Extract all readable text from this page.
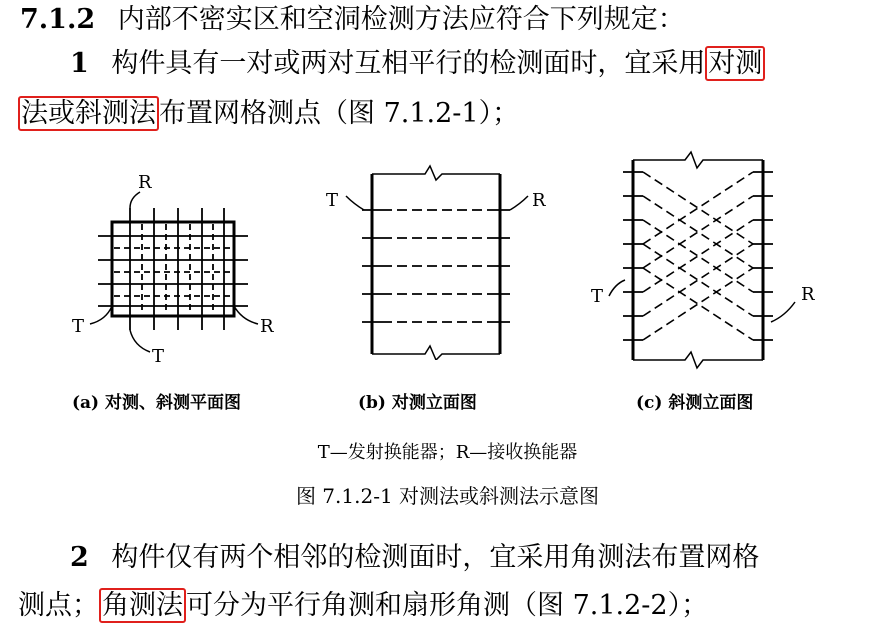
7.1.2 内部不密实区和空洞检测方法应符合下列规定：
1 构件具有一对或两对互相平行的检测面时，宜采用 对测
法或斜测法 布置网格测点（图 7.1.2-1）；
R
T	R
T
T	R
T	R
(a) 对测、斜测平面图	(b) 对测立面图	(c) 斜测立面图
T—发射换能器；R—接收换能器
图 7.1.2-1 对测法或斜测法示意图
2 构件仅有两个相邻的检测面时，宜采用角测法布置网格
测点； 角测法 可分为平行角测和扇形角测（图 7.1.2-2）；
